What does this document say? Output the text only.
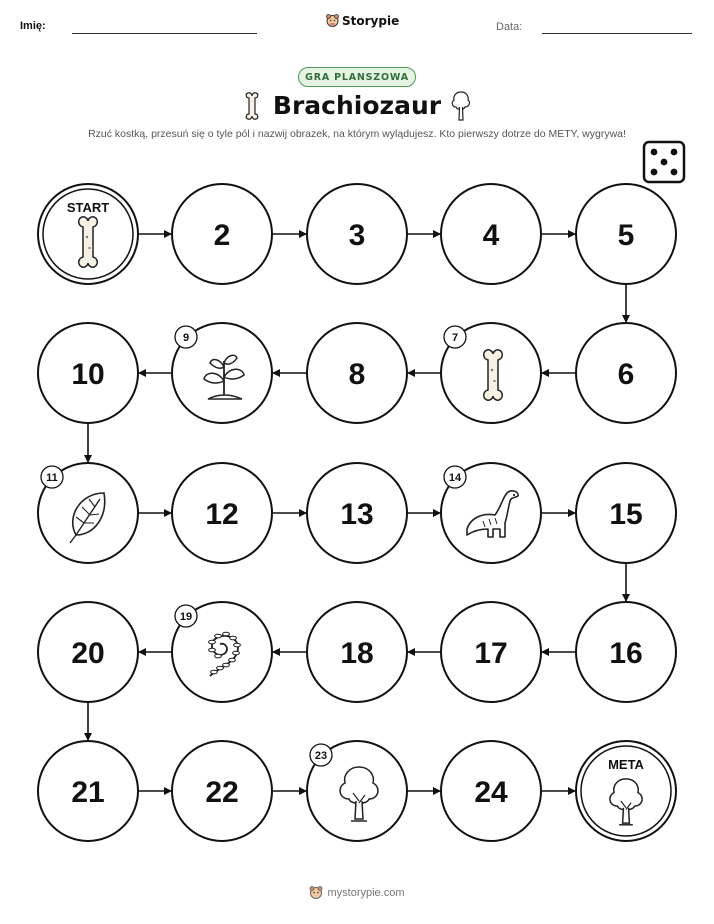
Imię:	Storypie	Data:
GRA PLANSZOWA
Brachiozaur
Rzuć kostką, przesuń się o tyle pól i nazwij obrazek, na którym wylądujesz. Kto pierwszy dotrze do METY, wygrywa!
START
2	3	4	5
6
7
8
9
10
11
12	13
14
15
16
17
18
19
20
21	22
23
24
META
mystorypie.com
